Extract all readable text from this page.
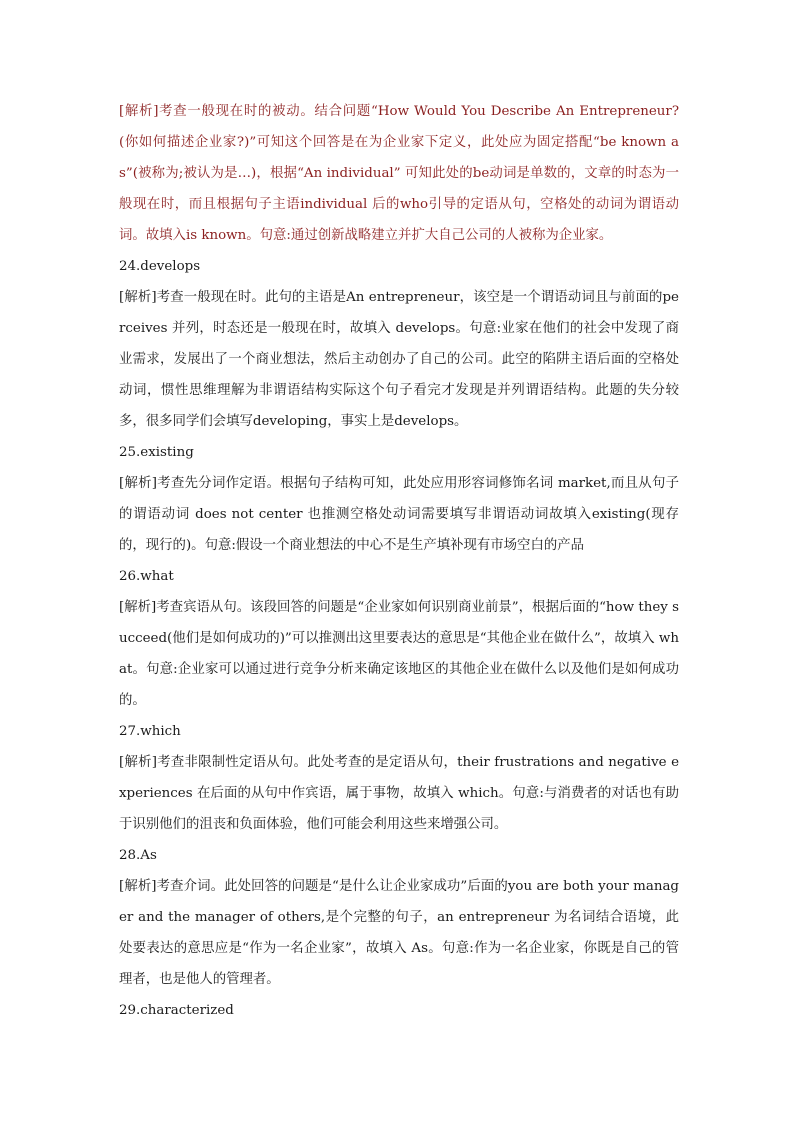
[解析]考查一般现在时的被动。结合问题“How Would You Describe An Entrepreneur?(你如何描述企业家?)”可知这个回答是在为企业家下定义，此处应为固定搭配“be known as”(被称为;被认为是…)，根据“An individual” 可知此处的be动词是单数的，文章的时态为一般现在时，而且根据句子主语individual 后的who引导的定语从句，空格处的动词为谓语动词。故填入is known。句意:通过创新战略建立并扩大自己公司的人被称为企业家。

24.develops

[解析]考查一般现在时。此句的主语是An entrepreneur，该空是一个谓语动词且与前面的perceives 并列，时态还是一般现在时，故填入 develops。句意:业家在他们的社会中发现了商业需求，发展出了一个商业想法，然后主动创办了自己的公司。此空的陷阱主语后面的空格处动词，惯性思维理解为非谓语结构实际这个句子看完才发现是并列谓语结构。此题的失分较多，很多同学们会填写developing，事实上是develops。

25.existing

[解析]考查先分词作定语。根据句子结构可知，此处应用形容词修饰名词 market,而且从句子的谓语动词 does not center 也推测空格处动词需要填写非谓语动词故填入existing(现存的，现行的)。句意:假设一个商业想法的中心不是生产填补现有市场空白的产品

26.what

[解析]考查宾语从句。该段回答的问题是“企业家如何识别商业前景”，根据后面的“how they succeed(他们是如何成功的)”可以推测出这里要表达的意思是“其他企业在做什么”，故填入 what。句意:企业家可以通过进行竞争分析来确定该地区的其他企业在做什么以及他们是如何成功的。

27.which

[解析]考查非限制性定语从句。此处考查的是定语从句，their frustrations and negative experiences 在后面的从句中作宾语，属于事物，故填入 which。句意:与消费者的对话也有助于识别他们的沮丧和负面体验，他们可能会利用这些来增强公司。

28.As

[解析]考查介词。此处回答的问题是“是什么让企业家成功”后面的you are both your manager and the manager of others,是个完整的句子，an entrepreneur 为名词结合语境，此处要表达的意思应是“作为一名企业家”，故填入 As。句意:作为一名企业家，你既是自己的管理者，也是他人的管理者。

29.characterized
